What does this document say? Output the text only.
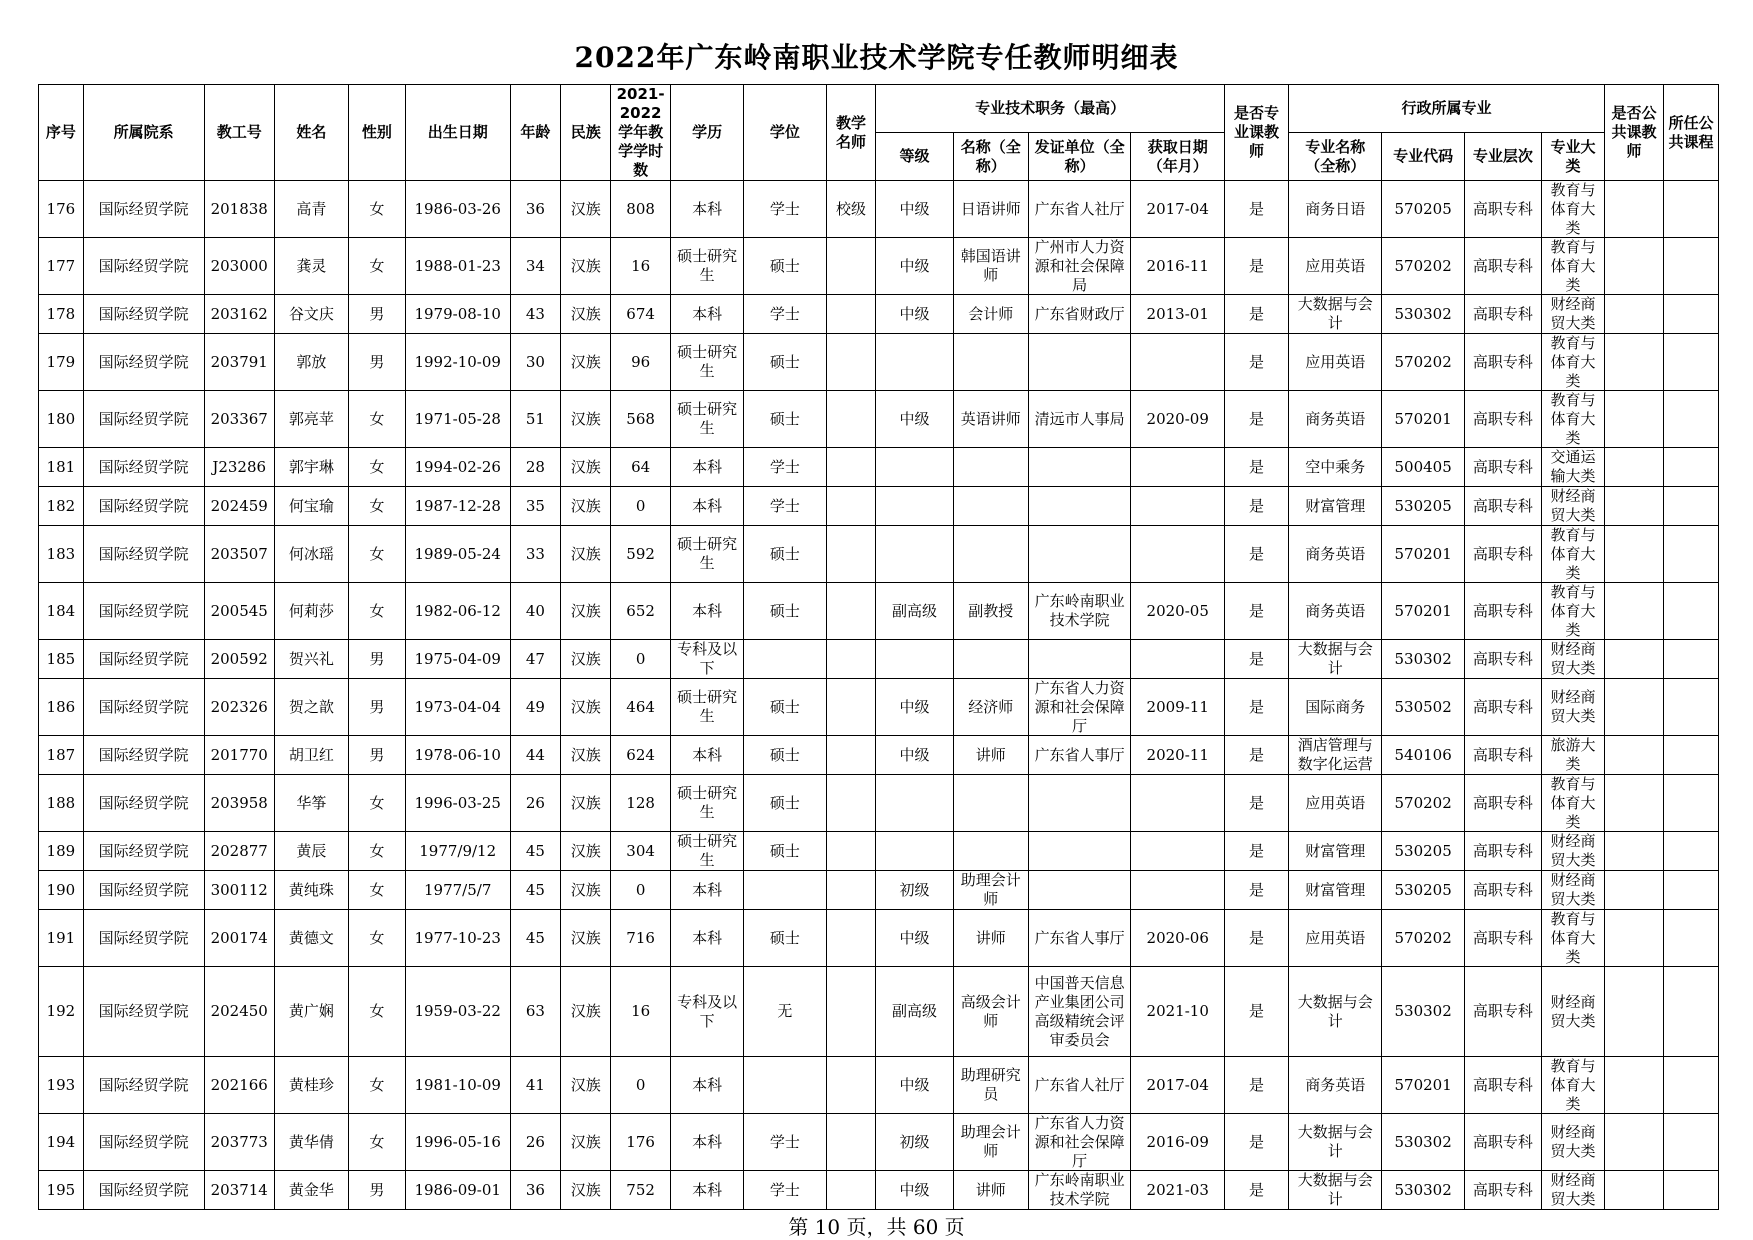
2022年广东岭南职业技术学院专任教师明细表
序号	所属院系	教工号	姓名	性别	出生日期	年龄	民族	2021-2022学年教学学时数	学历	学位	教学名师	专业技术职务（最高）				是否专业课教师	行政所属专业				是否公共课教师	所任公共课程
												等级	名称（全称）	发证单位（全称）	获取日期（年月）		专业名称（全称）	专业代码	专业层次	专业大类		

176	国际经贸学院	201838	高青	女	1986-03-26	36	汉族	808	本科	学士	校级	中级	日语讲师	广东省人社厅	2017-04	是	商务日语	570205	高职专科	教育与体育大类		

177	国际经贸学院	203000	龚灵	女	1988-01-23	34	汉族	16	硕士研究生	硕士		中级	韩国语讲师	广州市人力资源和社会保障局	2016-11	是	应用英语	570202	高职专科	教育与体育大类		

178	国际经贸学院	203162	谷文庆	男	1979-08-10	43	汉族	674	本科	学士		中级	会计师	广东省财政厅	2013-01	是	大数据与会计	530302	高职专科	财经商贸大类		

179	国际经贸学院	203791	郭放	男	1992-10-09	30	汉族	96	硕士研究生	硕士						是	应用英语	570202	高职专科	教育与体育大类		

180	国际经贸学院	203367	郭亮苹	女	1971-05-28	51	汉族	568	硕士研究生	硕士		中级	英语讲师	清远市人事局	2020-09	是	商务英语	570201	高职专科	教育与体育大类		

181	国际经贸学院	J23286	郭宇琳	女	1994-02-26	28	汉族	64	本科	学士						是	空中乘务	500405	高职专科	交通运输大类		

182	国际经贸学院	202459	何宝瑜	女	1987-12-28	35	汉族	0	本科	学士						是	财富管理	530205	高职专科	财经商贸大类		

183	国际经贸学院	203507	何冰瑶	女	1989-05-24	33	汉族	592	硕士研究生	硕士						是	商务英语	570201	高职专科	教育与体育大类		

184	国际经贸学院	200545	何莉莎	女	1982-06-12	40	汉族	652	本科	硕士		副高级	副教授	广东岭南职业技术学院	2020-05	是	商务英语	570201	高职专科	教育与体育大类		

185	国际经贸学院	200592	贺兴礼	男	1975-04-09	47	汉族	0	专科及以下							是	大数据与会计	530302	高职专科	财经商贸大类		

186	国际经贸学院	202326	贺之歆	男	1973-04-04	49	汉族	464	硕士研究生	硕士		中级	经济师	广东省人力资源和社会保障厅	2009-11	是	国际商务	530502	高职专科	财经商贸大类		

187	国际经贸学院	201770	胡卫红	男	1978-06-10	44	汉族	624	本科	硕士		中级	讲师	广东省人事厅	2020-11	是	酒店管理与数字化运营	540106	高职专科	旅游大类		

188	国际经贸学院	203958	华筝	女	1996-03-25	26	汉族	128	硕士研究生	硕士						是	应用英语	570202	高职专科	教育与体育大类		

189	国际经贸学院	202877	黄辰	女	1977/9/12	45	汉族	304	硕士研究生	硕士						是	财富管理	530205	高职专科	财经商贸大类		

190	国际经贸学院	300112	黄纯珠	女	1977/5/7	45	汉族	0	本科			初级	助理会计师			是	财富管理	530205	高职专科	财经商贸大类		

191	国际经贸学院	200174	黄德文	女	1977-10-23	45	汉族	716	本科	硕士		中级	讲师	广东省人事厅	2020-06	是	应用英语	570202	高职专科	教育与体育大类		

192	国际经贸学院	202450	黄广娴	女	1959-03-22	63	汉族	16	专科及以下	无		副高级	高级会计师	中国普天信息产业集团公司高级精统会评审委员会	2021-10	是	大数据与会计	530302	高职专科	财经商贸大类		

193	国际经贸学院	202166	黄桂珍	女	1981-10-09	41	汉族	0	本科			中级	助理研究员	广东省人社厅	2017-04	是	商务英语	570201	高职专科	教育与体育大类		

194	国际经贸学院	203773	黄华倩	女	1996-05-16	26	汉族	176	本科	学士		初级	助理会计师	广东省人力资源和社会保障厅	2016-09	是	大数据与会计	530302	高职专科	财经商贸大类		

195	国际经贸学院	203714	黄金华	男	1986-09-01	36	汉族	752	本科	学士		中级	讲师	广东岭南职业技术学院	2021-03	是	大数据与会计	530302	高职专科	财经商贸大类		

第 10 页，共 60 页
